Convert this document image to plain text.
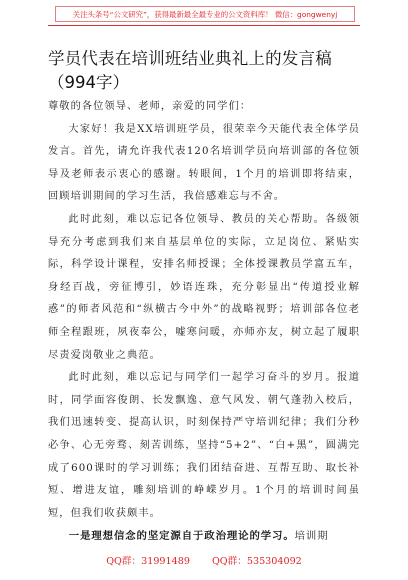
关注头条号“公文研究”，获得最新最全最专业的公文资料库！ 微信：gongwenyj
学员代表在培训班结业典礼上的发言稿
（994字）

尊敬的各位领导、老师，亲爱的同学们：

大家好！我是XX培训班学员，很荣幸今天能代表全体学员发言。首先，请允许我代表120名培训学员向培训部的各位领导及老师表示衷心的感谢。转眼间，1个月的培训即将结束，回顾培训期间的学习生活，我倍感难忘与不舍。

此时此刻，难以忘记各位领导、教员的关心帮助。各级领导充分考虑到我们来自基层单位的实际，立足岗位、紧贴实际，科学设计课程，安排名师授课；全体授课教员学富五车，身经百战，旁征博引，妙语连珠，充分彰显出“传道授业解惑”的师者风范和“纵横古今中外”的战略视野；培训部各位老师全程跟班，夙夜奉公，嘘寒问暖，亦师亦友，树立起了履职尽责爱岗敬业之典范。

此时此刻，难以忘记与同学们一起学习奋斗的岁月。报道时，同学面容俊朗、长发飘逸、意气风发、朝气蓬勃入校后，我们迅速转变、提高认识，时刻保持严守培训纪律；我们分秒必争、心无旁骛、刻苦训练，坚持“5+2”、“白+黑”，圆满完成了600课时的学习训练；我们团结奋进、互帮互助、取长补短、增进友谊，雕刻培训的峥嵘岁月。1个月的培训时间虽短，但我们收获颇丰。

一是理想信念的坚定源自于政治理论的学习。培训期

QQ群：31991489 QQ群：535304092
